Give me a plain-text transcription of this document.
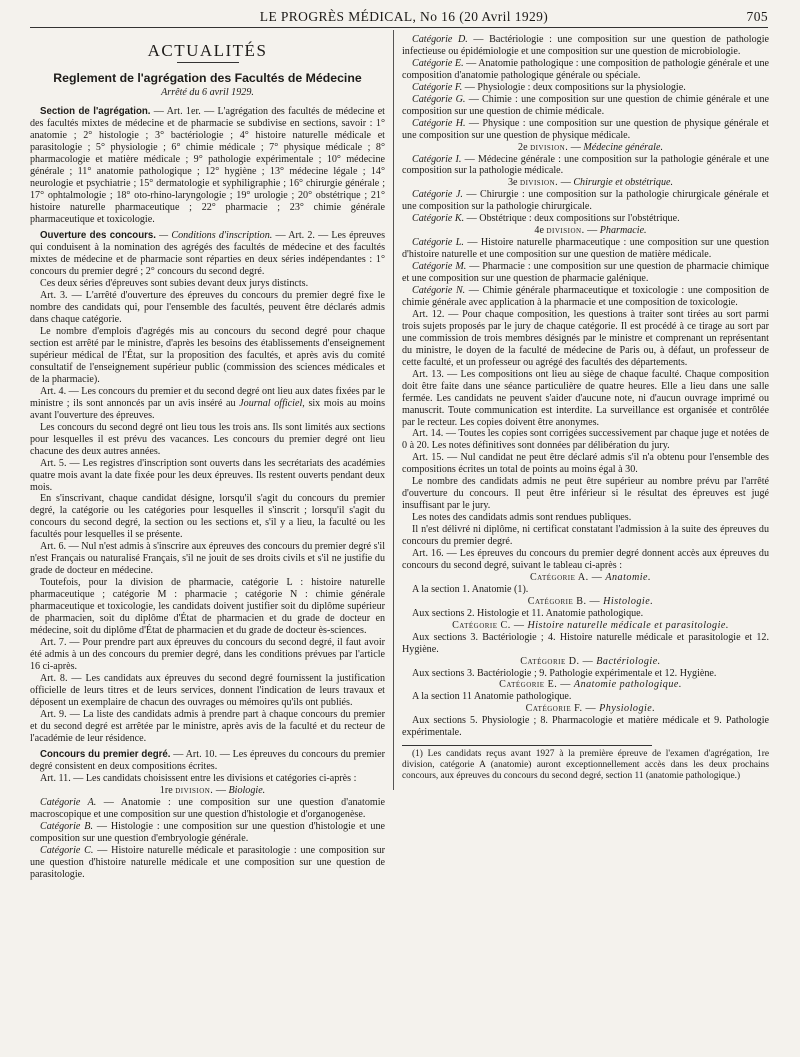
LE PROGRÈS MÉDICAL, No 16 (20 Avril 1929)	705
ACTUALITÉS
Reglement de l'agrégation des Facultés de Médecine
Arrêté du 6 avril 1929.

Section de l'agrégation. — Art. 1er. — L'agrégation des facultés de médecine et des facultés mixtes de médecine et de pharmacie se subdivise en sections, savoir : 1° anatomie ; 2° histologie ; 3° bactériologie ; 4° histoire naturelle médicale et parasitologie ; 5° physiologie ; 6° chimie médicale ; 7° physique médicale ; 8° pharmacologie et matière médicale ; 9° pathologie expérimentale ; 10° médecine générale ; 11° anatomie pathologique ; 12° hygiène ; 13° médecine légale ; 14° neurologie et psychiatrie ; 15° dermatologie et syphiligraphie ; 16° chirurgie générale ; 17° ophtalmologie ; 18° oto-rhino-laryngologie ; 19° urologie ; 20° obstétrique ; 21° histoire naturelle pharmaceutique ; 22° pharmacie ; 23° chimie générale pharmaceutique et toxicologie.

Ouverture des concours. — Conditions d'inscription. — Art. 2. — Les épreuves qui conduisent à la nomination des agrégés des facultés de médecine et des facultés mixtes de médecine et de pharmacie sont réparties en deux séries indépendantes : 1° concours du premier degré ; 2° concours du second degré.

Ces deux séries d'épreuves sont subies devant deux jurys distincts.

Art. 3. — L'arrêté d'ouverture des épreuves du concours du premier degré fixe le nombre des candidats qui, pour l'ensemble des facultés, peuvent être déclarés admis dans chaque catégorie.

Le nombre d'emplois d'agrégés mis au concours du second degré pour chaque section est arrêté par le ministre, d'après les besoins des établissements d'enseignement supérieur médical de l'État, sur la proposition des facultés, et après avis du comité consultatif de l'enseignement supérieur public (commission des sciences médicales et de la pharmacie).

Art. 4. — Les concours du premier et du second degré ont lieu aux dates fixées par le ministre ; ils sont annoncés par un avis inséré au Journal officiel, six mois au moins avant l'ouverture des épreuves.

Les concours du second degré ont lieu tous les trois ans. Ils sont limités aux sections pour lesquelles il est prévu des vacances. Les concours du premier degré ont lieu chacune des deux autres années.

Art. 5. — Les registres d'inscription sont ouverts dans les secrétariats des académies quatre mois avant la date fixée pour les deux épreuves. Ils restent ouverts pendant deux mois.

En s'inscrivant, chaque candidat désigne, lorsqu'il s'agit du concours du premier degré, la catégorie ou les catégories pour lesquelles il s'inscrit ; lorsqu'il s'agit du concours du second degré, la section ou les sections et, s'il y a lieu, la faculté ou les facultés pour lesquelles il se présente.

Art. 6. — Nul n'est admis à s'inscrire aux épreuves des concours du premier degré s'il n'est Français ou naturalisé Français, s'il ne jouit de ses droits civils et s'il ne justifie du grade de docteur en médecine.

Toutefois, pour la division de pharmacie, catégorie L : histoire naturelle pharmaceutique ; catégorie M : pharmacie ; catégorie N : chimie générale pharmaceutique et toxicologie, les candidats doivent justifier soit du diplôme supérieur de pharmacien, soit du diplôme d'État de pharmacien et du grade de docteur en médecine, soit du diplôme d'État de pharmacien et du grade de docteur ès-sciences.

Art. 7. — Pour prendre part aux épreuves du concours du second degré, il faut avoir été admis à un des concours du premier degré, dans les conditions prévues par l'article 16 ci-après.

Art. 8. — Les candidats aux épreuves du second degré fournissent la justification officielle de leurs titres et de leurs services, donnent l'indication de leurs travaux et déposent un exemplaire de chacun des ouvrages ou mémoires qu'ils ont publiés.

Art. 9. — La liste des candidats admis à prendre part à chaque concours du premier et du second degré est arrêtée par le ministre, après avis de la faculté et du recteur de l'académie de leur résidence.

Concours du premier degré. — Art. 10. — Les épreuves du concours du premier degré consistent en deux compositions écrites.

Art. 11. — Les candidats choisissent entre les divisions et catégories ci-après :

1re division. — Biologie.

Catégorie A. — Anatomie : une composition sur une question d'anatomie macroscopique et une composition sur une question d'histologie et d'organogenèse.

Catégorie B. — Histologie : une composition sur une question d'histologie et une composition sur une question d'embryologie générale.

Catégorie C. — Histoire naturelle médicale et parasitologie : une composition sur une question d'histoire naturelle médicale et une composition sur une question de parasitologie.

Catégorie D. — Bactériologie : une composition sur une question de pathologie infectieuse ou épidémiologie et une composition sur une question de microbiologie.

Catégorie E. — Anatomie pathologique : une composition de pathologie générale et une composition d'anatomie pathologique générale ou spéciale.

Catégorie F. — Physiologie : deux compositions sur la physiologie.

Catégorie G. — Chimie : une composition sur une question de chimie générale et une composition sur une question de chimie médicale.

Catégorie H. — Physique : une composition sur une question de physique générale et une composition sur une question de physique médicale.

2e division. — Médecine générale.

Catégorie I. — Médecine générale : une composition sur la pathologie générale et une composition sur la pathologie médicale.

3e division. — Chirurgie et obstétrique.

Catégorie J. — Chirurgie : une composition sur la pathologie chirurgicale générale et une composition sur la pathologie chirurgicale.

Catégorie K. — Obstétrique : deux compositions sur l'obstétrique.

4e division. — Pharmacie.

Catégorie L. — Histoire naturelle pharmaceutique : une composition sur une question d'histoire naturelle et une composition sur une question de matière médicale.

Catégorie M. — Pharmacie : une composition sur une question de pharmacie chimique et une composition sur une question de pharmacie galénique.

Catégorie N. — Chimie générale pharmaceutique et toxicologie : une composition de chimie générale avec application à la pharmacie et une composition de toxicologie.

Art. 12. — Pour chaque composition, les questions à traiter sont tirées au sort parmi trois sujets proposés par le jury de chaque catégorie. Il est procédé à ce tirage au sort par une commission de trois membres désignés par le ministre et comprenant un représentant du ministre, le doyen de la faculté de médecine de Paris ou, à défaut, un professeur de cette faculté, et un professeur ou agrégé des facultés des départements.

Art. 13. — Les compositions ont lieu au siège de chaque faculté. Chaque composition doit être faite dans une séance particulière de quatre heures. Elle a lieu dans une salle fermée. Les candidats ne peuvent s'aider d'aucune note, ni d'aucun ouvrage imprimé ou manuscrit. Toute communication est interdite. La surveillance est organisée et contrôlée par le recteur. Les copies doivent être anonymes.

Art. 14. — Toutes les copies sont corrigées successivement par chaque juge et notées de 0 à 20. Les notes définitives sont données par délibération du jury.

Art. 15. — Nul candidat ne peut être déclaré admis s'il n'a obtenu pour l'ensemble des compositions écrites un total de points au moins égal à 30.

Le nombre des candidats admis ne peut être supérieur au nombre prévu par l'arrêté d'ouverture du concours. Il peut être inférieur si le résultat des épreuves est jugé insuffisant par le jury.

Les notes des candidats admis sont rendues publiques.

Il n'est délivré ni diplôme, ni certificat constatant l'admission à la suite des épreuves du concours du premier degré.

Art. 16. — Les épreuves du concours du premier degré donnent accès aux épreuves du concours du second degré, suivant le tableau ci-après :

Catégorie A. — Anatomie.

A la section 1. Anatomie (1).

Catégorie B. — Histologie.

Aux sections 2. Histologie et 11. Anatomie pathologique.

Catégorie C. — Histoire naturelle médicale et parasitologie.

Aux sections 3. Bactériologie ; 4. Histoire naturelle médicale et parasitologie et 12. Hygiène.

Catégorie D. — Bactériologie.

Aux sections 3. Bactériologie ; 9. Pathologie expérimentale et 12. Hygiène.

Catégorie E. — Anatomie pathologique.

A la section 11 Anatomie pathologique.

Catégorie F. — Physiologie.

Aux sections 5. Physiologie ; 8. Pharmacologie et matière médicale et 9. Pathologie expérimentale.

(1) Les candidats reçus avant 1927 à la première épreuve de l'examen d'agrégation, 1re division, catégorie A (anatomie) auront exceptionnellement accès dans les deux prochains concours, aux épreuves du concours du second degré, section 11 (anatomie pathologique.)
